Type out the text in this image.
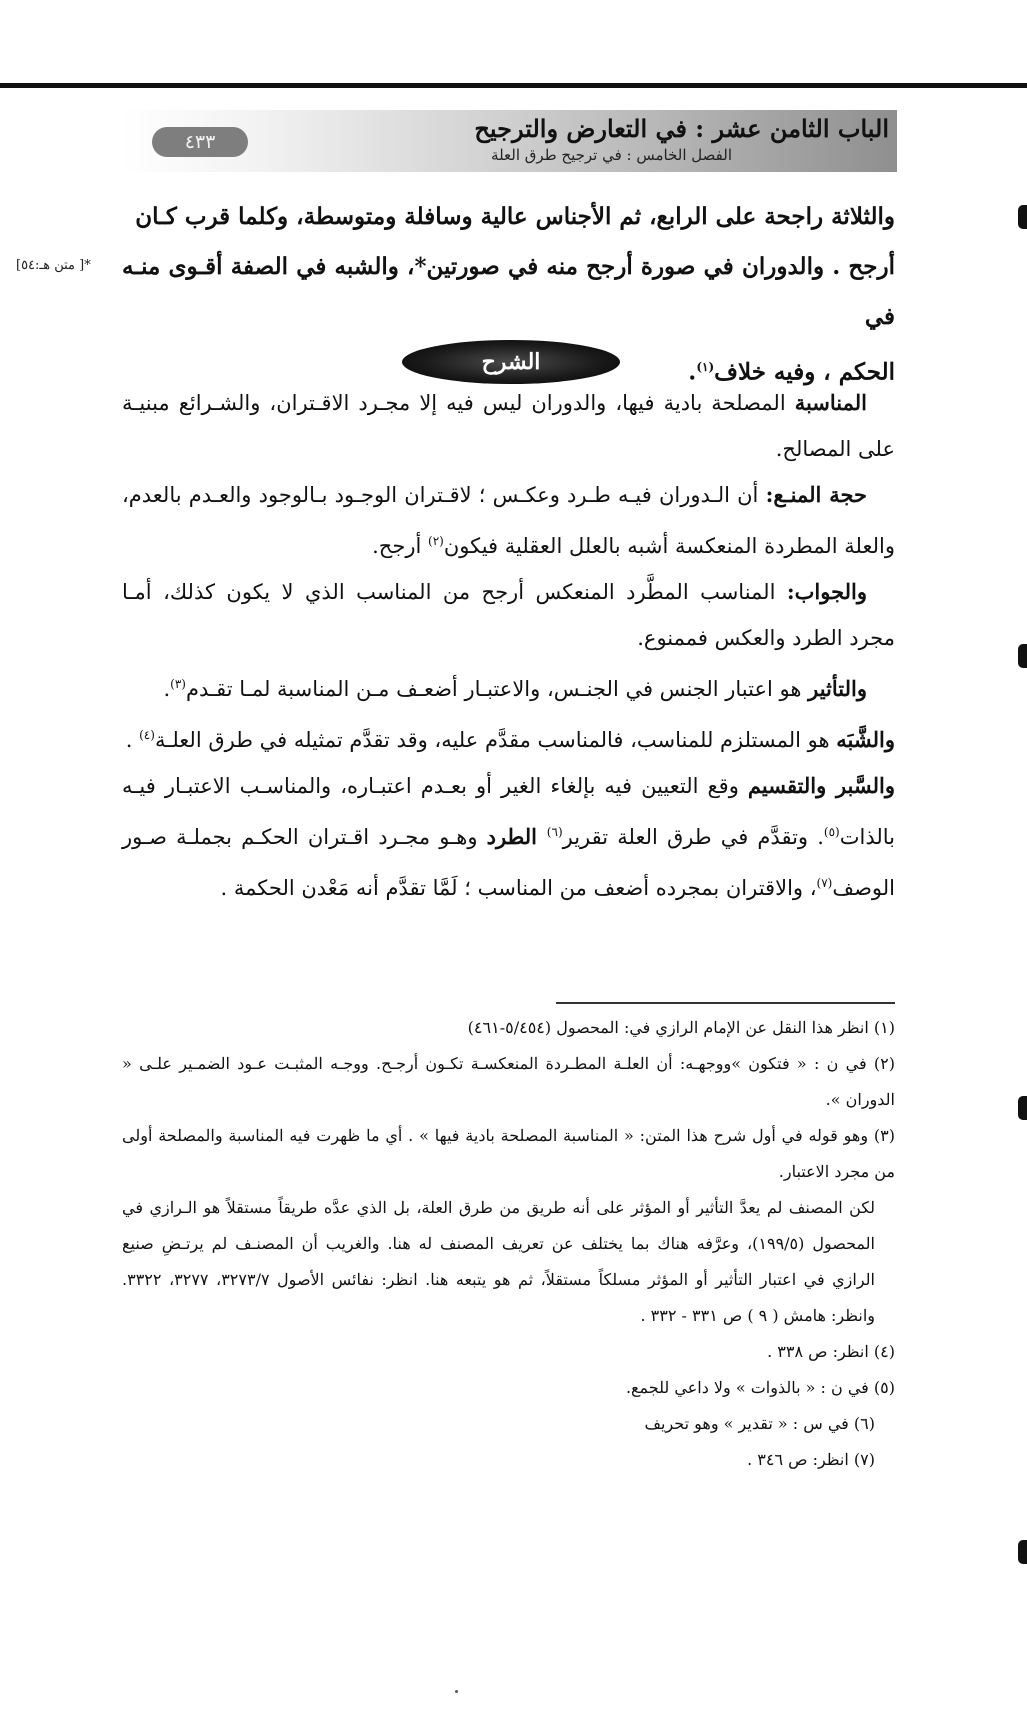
الباب الثامن عشر : في التعارض والترجيح
الفصل الخامس : في ترجيح طرق العلة
٤٣٣
*[ متن هـ:٥٤]
والثلاثة راجحة على الرابع، ثم الأجناس عالية وسافلة ومتوسطة، وكلما قرب كـان
أرجح . والدوران في صورة أرجح منه في صورتين*، والشبه في الصفة أقـوى منـه في
الحكم ، وفيه خلاف$^{(١)}$.
الشرح

المناسبة المصلحة بادية فيها، والدوران ليس فيه إلا مجـرد الاقـتران، والشـرائع مبنيـة على المصالح.

حجة المنـع: أن الـدوران فيـه طـرد وعكـس ؛ لاقـتران الوجـود بـالوجود والعـدم بالعدم، والعلة المطردة المنعكسة أشبه بالعلل العقلية فيكون$^{(٢)}$ أرجح.

والجواب: المناسب المطَّرد المنعكس أرجح من المناسب الذي لا يكون كذلك، أمـا مجرد الطرد والعكس فممنوع.

والتأثير هو اعتبار الجنس في الجنـس، والاعتبـار أضعـف مـن المناسبة لمـا تقـدم$^{(٣)}$.

والشَّبَه هو المستلزم للمناسب، فالمناسب مقدَّم عليه، وقد تقدَّم تمثيله في طرق العلـة$^{(٤)}$ .

والسَّبر والتقسيم وقع التعيين فيه بإلغاء الغير أو بعـدم اعتبـاره، والمناسـب الاعتبـار فيـه بالذات$^{(٥)}$. وتقدَّم في طرق العلة تقرير$^{(٦)}$ الطرد وهـو مجـرد اقـتران الحكـم بجملـة صـور الوصف$^{(٧)}$، والاقتران بمجرده أضعف من المناسب ؛ لَمَّا تقدَّم أنه مَعْدن الحكمة .

(١) انظر هذا النقل عن الإمام الرازي في: المحصول (٥/٤٥٤-٤٦١)

(٢) في ن : « فتكون »ووجهـه: أن العلـة المطـردة المنعكسـة تكـون أرجـح. ووجـه المثبـت عـود الضمـير علـى « الدوران ».

(٣) وهو قوله في أول شرح هذا المتن: « المناسبة المصلحة بادية فيها » . أي ما ظهرت فيه المناسبة والمصلحة أولى من مجرد الاعتبار.

لكن المصنف لم يعدَّ التأثير أو المؤثر على أنه طريق من طرق العلة، بل الذي عدَّه طريقاً مستقلاً هو الـرازي في المحصول (١٩٩/٥)، وعرَّفه هناك بما يختلف عن تعريف المصنف له هنا. والغريب أن المصنـف لم يرتـضِ صنيع الرازي في اعتبار التأثير أو المؤثر مسلكاً مستقلاً، ثم هو يتبعه هنا. انظر: نفائس الأصول ٣٢٧٣/٧، ٣٢٧٧، ٣٣٢٢. وانظر: هامش ( ٩ ) ص ٣٣١ - ٣٣٢ .

(٤) انظر: ص ٣٣٨ .

(٥) في ن : « بالذوات » ولا داعي للجمع.

(٦) في س : « تقدير » وهو تحريف

(٧) انظر: ص ٣٤٦ .
